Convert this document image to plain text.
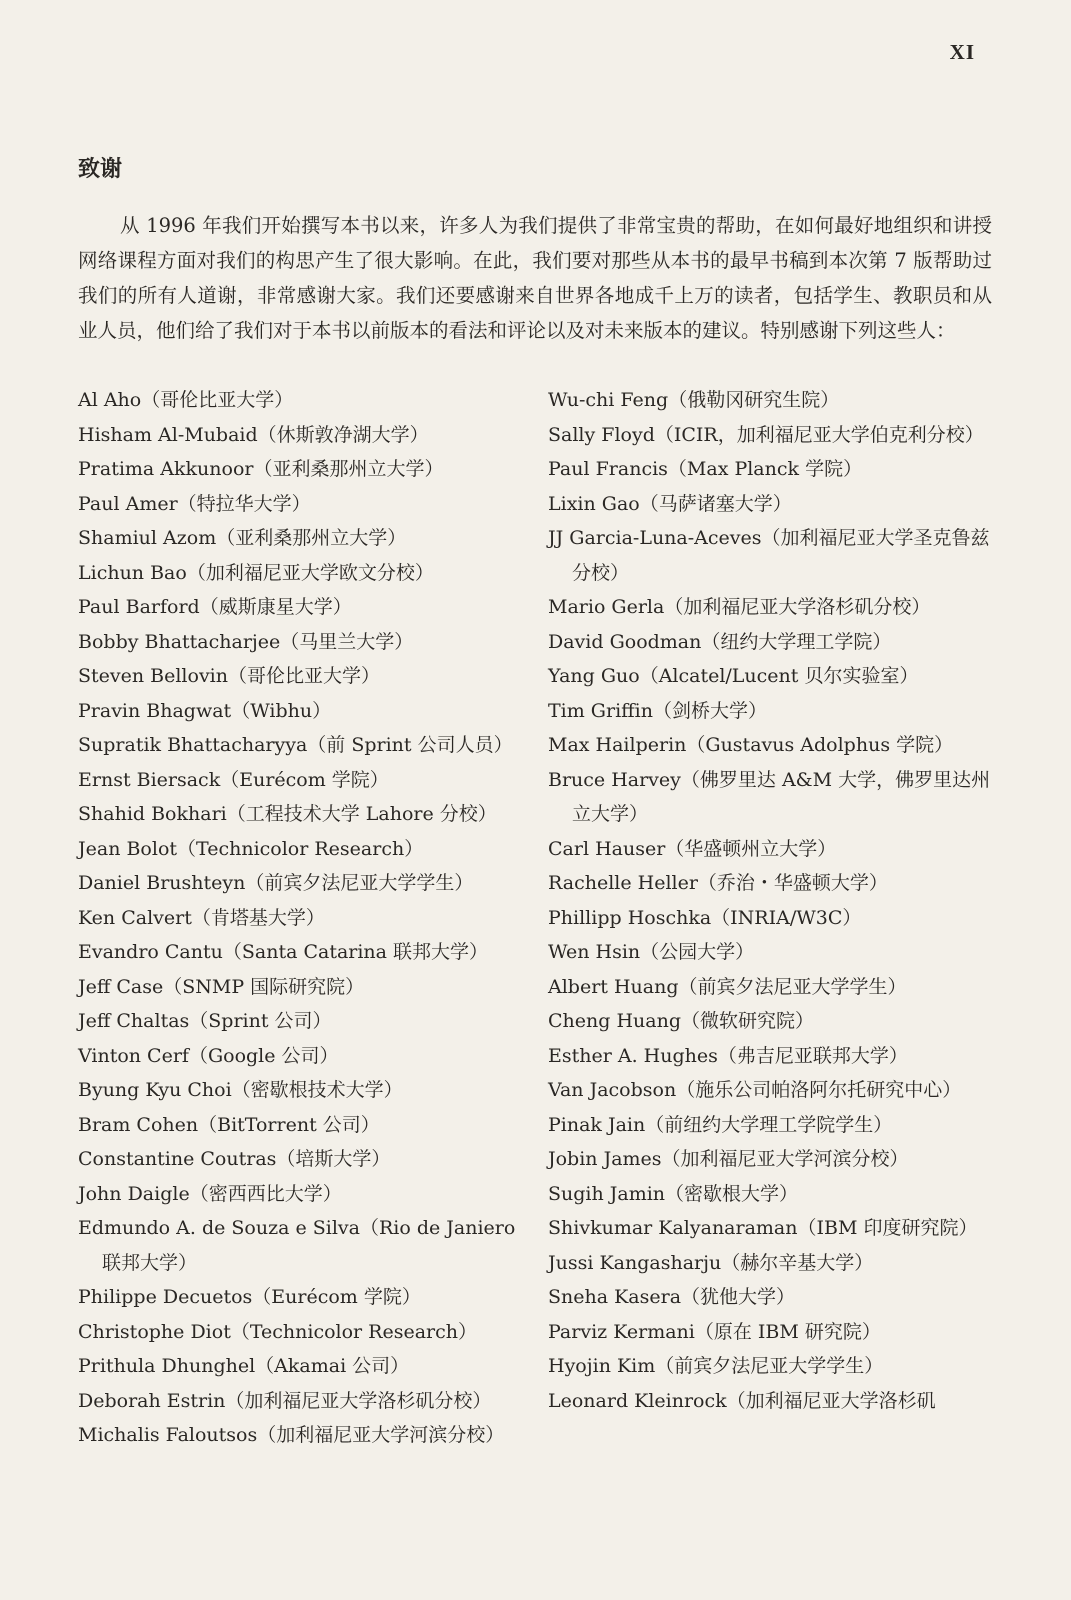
XI
致谢

从 1996 年我们开始撰写本书以来，许多人为我们提供了非常宝贵的帮助，在如何最好地组织和讲授网络课程方面对我们的构思产生了很大影响。在此，我们要对那些从本书的最早书稿到本次第 7 版帮助过我们的所有人道谢，非常感谢大家。我们还要感谢来自世界各地成千上万的读者，包括学生、教职员和从业人员，他们给了我们对于本书以前版本的看法和评论以及对未来版本的建议。特别感谢下列这些人：

Al Aho（哥伦比亚大学）
Hisham Al-Mubaid（休斯敦净湖大学）
Pratima Akkunoor（亚利桑那州立大学）
Paul Amer（特拉华大学）
Shamiul Azom（亚利桑那州立大学）
Lichun Bao（加利福尼亚大学欧文分校）
Paul Barford（威斯康星大学）
Bobby Bhattacharjee（马里兰大学）
Steven Bellovin（哥伦比亚大学）
Pravin Bhagwat（Wibhu）
Supratik Bhattacharyya（前 Sprint 公司人员）
Ernst Biersack（Eurécom 学院）
Shahid Bokhari（工程技术大学 Lahore 分校）
Jean Bolot（Technicolor Research）
Daniel Brushteyn（前宾夕法尼亚大学学生）
Ken Calvert（肯塔基大学）
Evandro Cantu（Santa Catarina 联邦大学）
Jeff Case（SNMP 国际研究院）
Jeff Chaltas（Sprint 公司）
Vinton Cerf（Google 公司）
Byung Kyu Choi（密歇根技术大学）
Bram Cohen（BitTorrent 公司）
Constantine Coutras（培斯大学）
John Daigle（密西西比大学）
Edmundo A. de Souza e Silva（Rio de Janiero 联邦大学）
Philippe Decuetos（Eurécom 学院）
Christophe Diot（Technicolor Research）
Prithula Dhunghel（Akamai 公司）
Deborah Estrin（加利福尼亚大学洛杉矶分校）
Michalis Faloutsos（加利福尼亚大学河滨分校）
Wu-chi Feng（俄勒冈研究生院）
Sally Floyd（ICIR，加利福尼亚大学伯克利分校）
Paul Francis（Max Planck 学院）
Lixin Gao（马萨诸塞大学）
JJ Garcia-Luna-Aceves（加利福尼亚大学圣克鲁兹分校）
Mario Gerla（加利福尼亚大学洛杉矶分校）
David Goodman（纽约大学理工学院）
Yang Guo（Alcatel/Lucent 贝尔实验室）
Tim Griffin（剑桥大学）
Max Hailperin（Gustavus Adolphus 学院）
Bruce Harvey（佛罗里达 A&M 大学，佛罗里达州立大学）
Carl Hauser（华盛顿州立大学）
Rachelle Heller（乔治・华盛顿大学）
Phillipp Hoschka（INRIA/W3C）
Wen Hsin（公园大学）
Albert Huang（前宾夕法尼亚大学学生）
Cheng Huang（微软研究院）
Esther A. Hughes（弗吉尼亚联邦大学）
Van Jacobson（施乐公司帕洛阿尔托研究中心）
Pinak Jain（前纽约大学理工学院学生）
Jobin James（加利福尼亚大学河滨分校）
Sugih Jamin（密歇根大学）
Shivkumar Kalyanaraman（IBM 印度研究院）
Jussi Kangasharju（赫尔辛基大学）
Sneha Kasera（犹他大学）
Parviz Kermani（原在 IBM 研究院）
Hyojin Kim（前宾夕法尼亚大学学生）
Leonard Kleinrock（加利福尼亚大学洛杉矶
